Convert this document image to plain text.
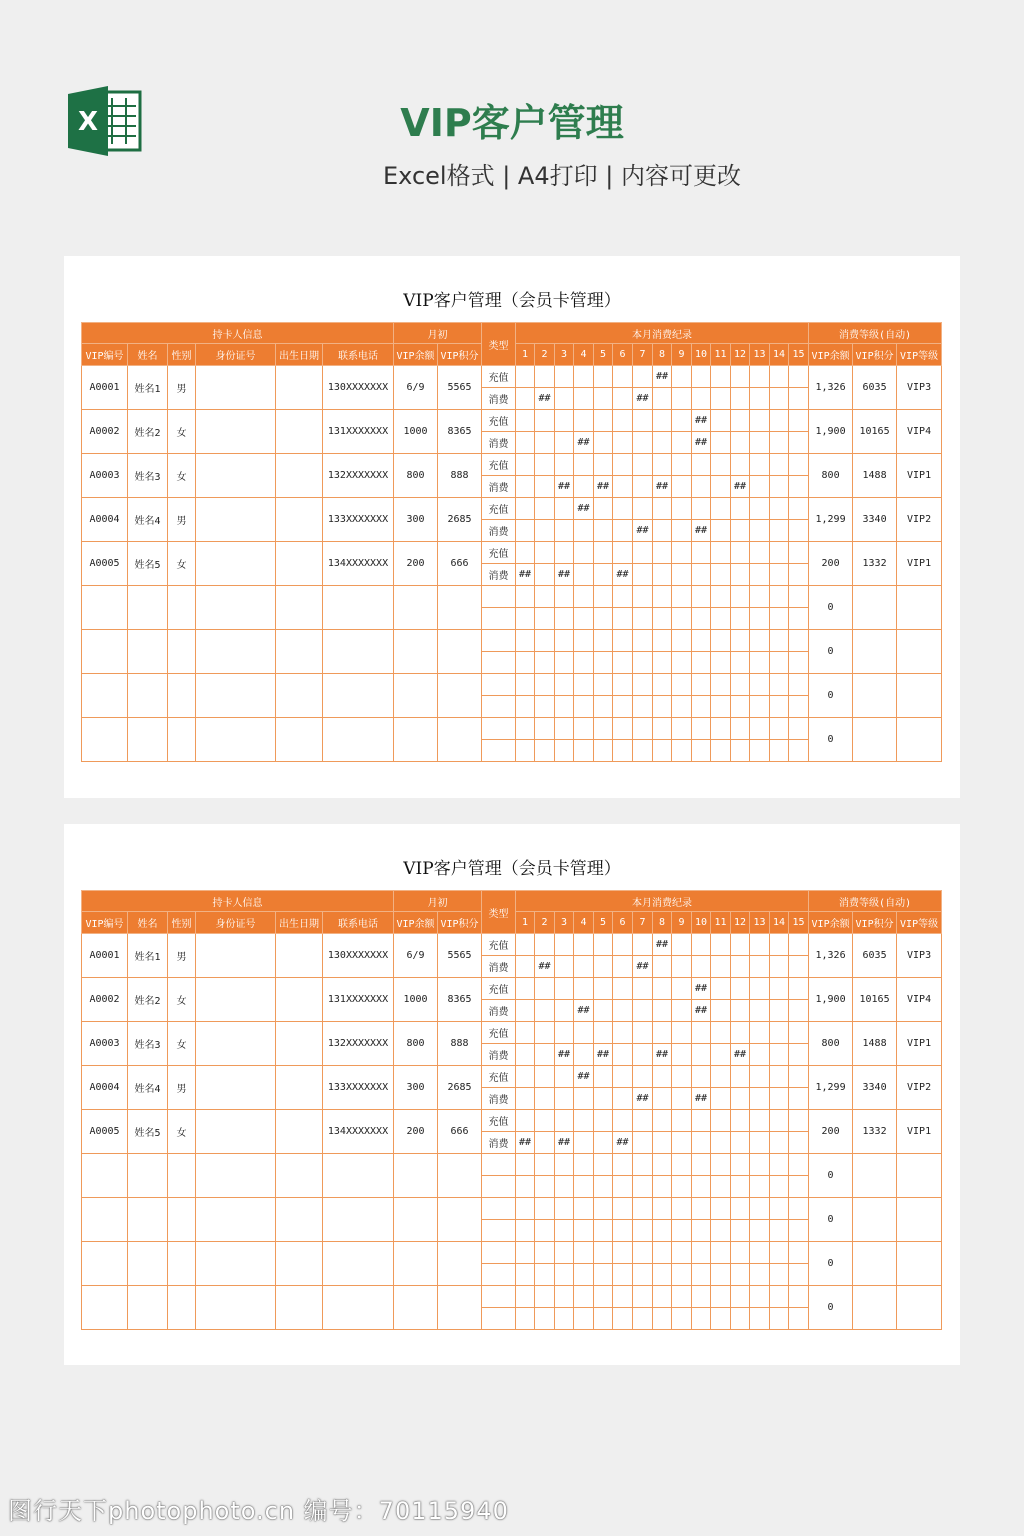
X	VIP客户管理
Excel格式 | A4打印 | 内容可更改
VIP客户管理（会员卡管理）
持卡人信息						月初		类型	本月消费纪录															消费等级(自动)		
VIP编号	姓名	性别	身份证号	出生日期	联系电话	VIP余额	VIP积分		1	2	3	4	5	6	7	8	9	10	11	12	13	14	15	VIP余额	VIP积分	VIP等级
A0001	姓名1	男			130XXXXXXX	6/9	5565	充值								##								1,326	6035	VIP3
								消费		##					##											
A0002	姓名2	女			131XXXXXXX	1000	8365	充值										##						1,900	10165	VIP4
								消费				##						##								
A0003	姓名3	女			132XXXXXXX	800	888	充值																800	1488	VIP1
								消费			##		##			##				##						
A0004	姓名4	男			133XXXXXXX	300	2685	充值				##												1,299	3340	VIP2
								消费							##			##								
A0005	姓名5	女			134XXXXXXX	200	666	充值																200	1332	VIP1
								消费	##		##			##												
																								0		

																								0		

																								0		

																								0		

VIP客户管理（会员卡管理）
持卡人信息						月初		类型	本月消费纪录															消费等级(自动)		
VIP编号	姓名	性别	身份证号	出生日期	联系电话	VIP余额	VIP积分		1	2	3	4	5	6	7	8	9	10	11	12	13	14	15	VIP余额	VIP积分	VIP等级
A0001	姓名1	男			130XXXXXXX	6/9	5565	充值								##								1,326	6035	VIP3
								消费		##					##											
A0002	姓名2	女			131XXXXXXX	1000	8365	充值										##						1,900	10165	VIP4
								消费				##						##								
A0003	姓名3	女			132XXXXXXX	800	888	充值																800	1488	VIP1
								消费			##		##			##				##						
A0004	姓名4	男			133XXXXXXX	300	2685	充值				##												1,299	3340	VIP2
								消费							##			##								
A0005	姓名5	女			134XXXXXXX	200	666	充值																200	1332	VIP1
								消费	##		##			##												
																								0		

																								0		

																								0		

																								0		

图行天下photophoto.cn 编号：70115940
